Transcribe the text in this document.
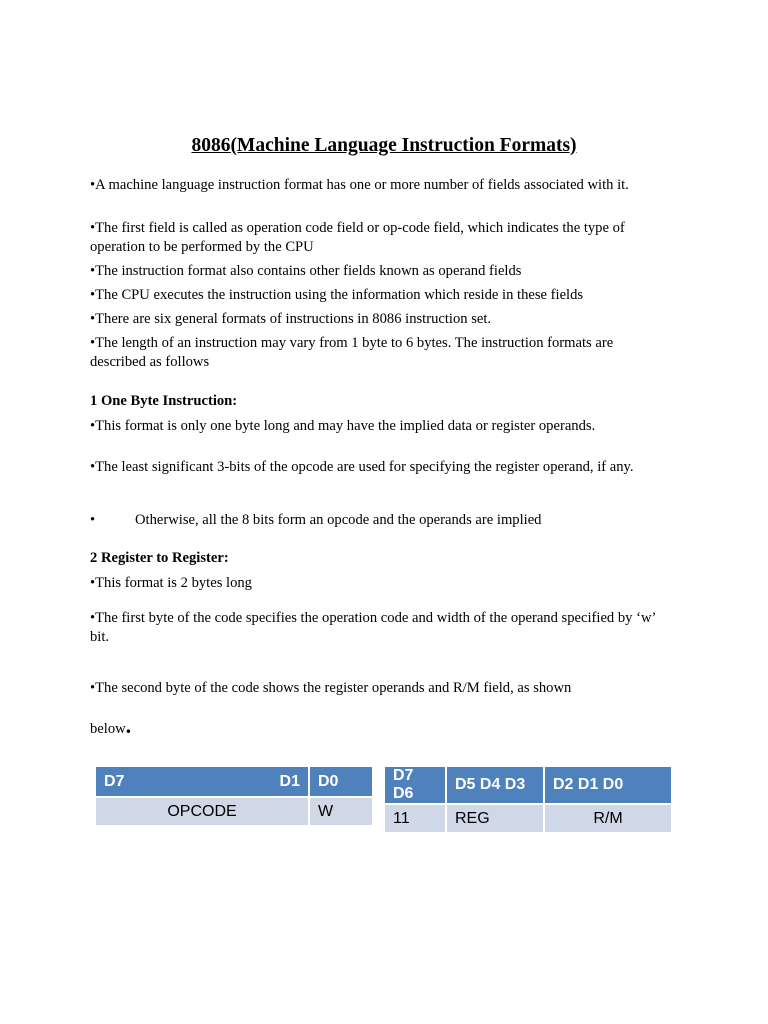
8086(Machine Language Instruction Formats)

•A machine language instruction format has one or more number of fields associated with it.

•The first field is called as operation code field or op-code field, which indicates the type of operation to be performed by the CPU

•The instruction format also contains other fields known as operand fields

•The CPU executes the instruction using the information which reside in these fields

•There are six general formats of instructions in 8086 instruction set.

•The length of an instruction may vary from 1 byte to 6 bytes. The instruction formats are described as follows

1 One Byte Instruction:

•This format is only one byte long and may have the implied data or register operands.

•The least significant 3-bits of the opcode are used for specifying the register operand, if any.

•	Otherwise, all the 8 bits form an opcode and the operands are implied

2 Register to Register:

•This format is 2 bytes long

•The first byte of the code specifies the operation code and width of the operand specified by ‘w’ bit.

•The second byte of the code shows the register operands and R/M field, as shown

below.

D7 D1	D0
OPCODE	W
D7 D6	D5 D4 D3	D2 D1 D0
11	REG	R/M
